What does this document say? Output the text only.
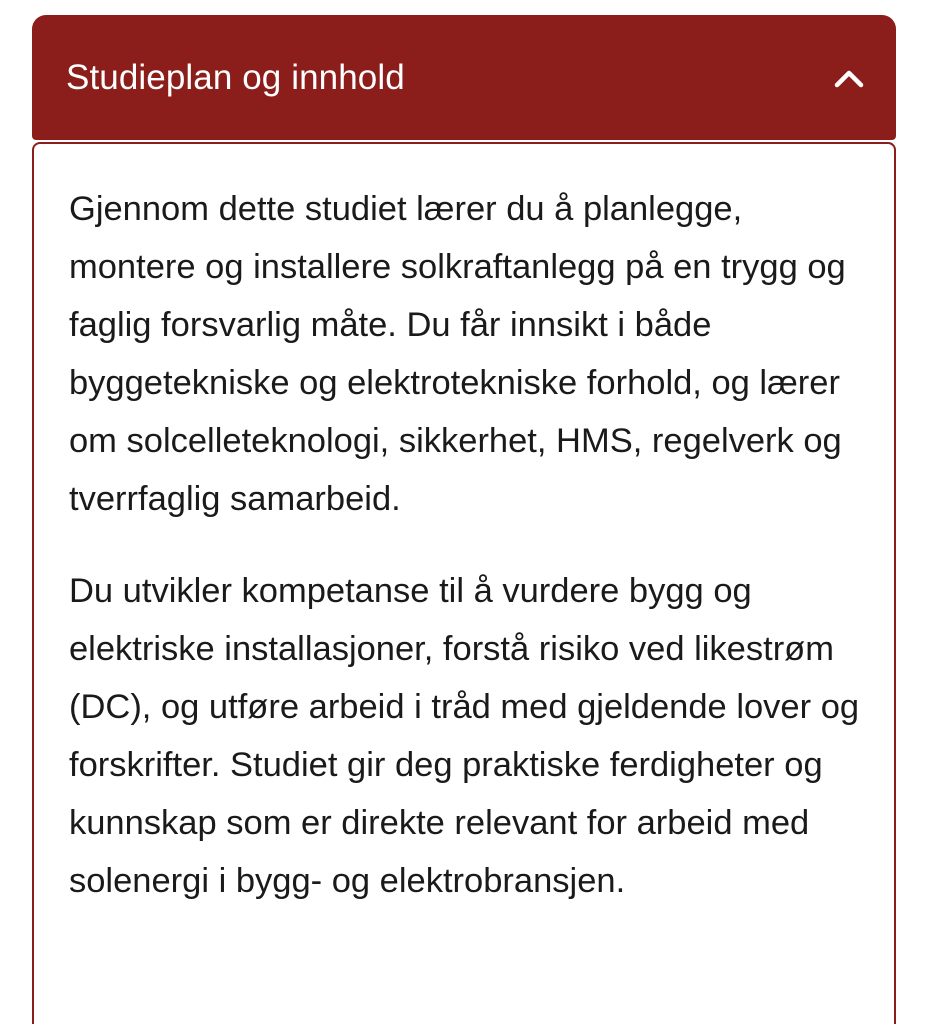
Studieplan og innhold

Gjennom dette studiet lærer du å planlegge, montere og installere solkraftanlegg på en trygg og faglig forsvarlig måte. Du får innsikt i både byggetekniske og elektrotekniske forhold, og lærer om solcelleteknologi, sikkerhet, HMS, regelverk og tverrfaglig samarbeid.

Du utvikler kompetanse til å vurdere bygg og elektriske installasjoner, forstå risiko ved likestrøm (DC), og utføre arbeid i tråd med gjeldende lover og forskrifter. Studiet gir deg praktiske ferdigheter og kunnskap som er direkte relevant for arbeid med solenergi i bygg- og elektrobransjen.
